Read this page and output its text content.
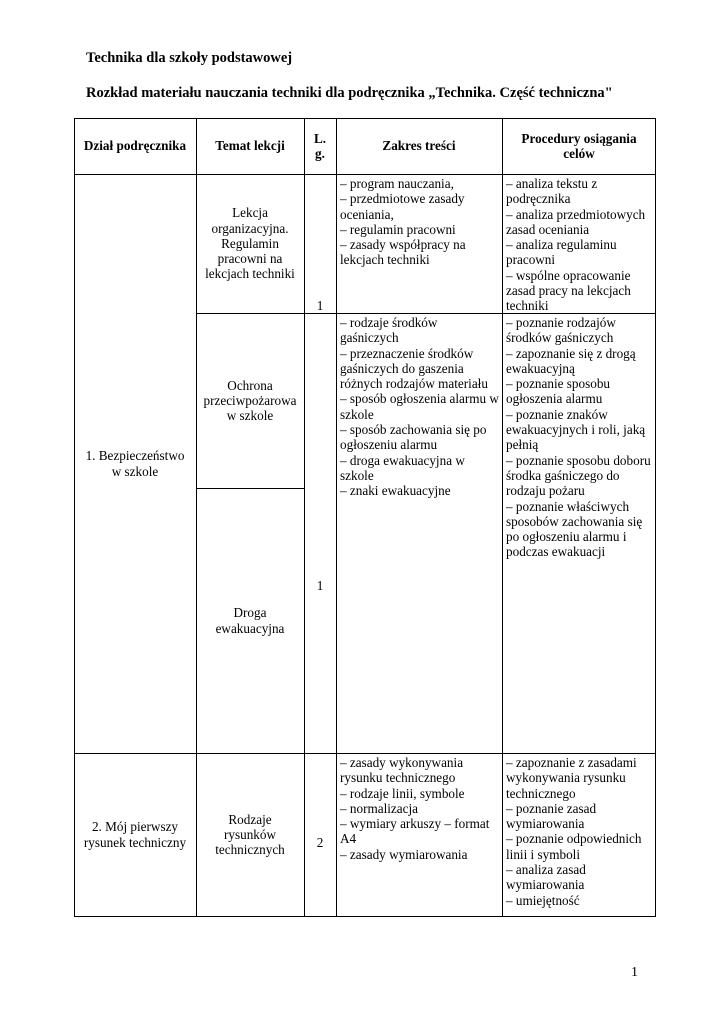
Technika dla szkoły podstawowej
Rozkład materiału nauczania techniki dla podręcznika „Technika. Część techniczna"
Dział podręcznika	Temat lekcji
L. g.
Zakres treści
Procedury osiągania celów
1. Bezpieczeństwo w szkole
Lekcja organizacyjna. Regulamin pracowni na lekcjach techniki
1
– program nauczania,
– przedmiotowe zasady oceniania,
– regulamin pracowni
– zasady współpracy na lekcjach techniki
– analiza tekstu z podręcznika
– analiza przedmiotowych zasad oceniania
– analiza regulaminu pracowni
– wspólne opracowanie zasad pracy na lekcjach techniki
Ochrona przeciwpożarowa w szkole
Droga ewakuacyjna
1
– rodzaje środków gaśniczych
– przeznaczenie środków gaśniczych do gaszenia różnych rodzajów materiału
– sposób ogłoszenia alarmu w szkole
– sposób zachowania się po ogłoszeniu alarmu
– droga ewakuacyjna w szkole
– znaki ewakuacyjne
– poznanie rodzajów środków gaśniczych
– zapoznanie się z drogą ewakuacyjną
– poznanie sposobu ogłoszenia alarmu
– poznanie znaków ewakuacyjnych i roli, jaką pełnią
– poznanie sposobu doboru środka gaśniczego do rodzaju pożaru
– poznanie właściwych sposobów zachowania się po ogłoszeniu alarmu i podczas ewakuacji
2. Mój pierwszy rysunek techniczny
Rodzaje rysunków technicznych	2
– zasady wykonywania rysunku technicznego
– rodzaje linii, symbole
– normalizacja
– wymiary arkuszy – format A4
– zasady wymiarowania
– zapoznanie z zasadami wykonywania rysunku technicznego
– poznanie zasad wymiarowania
– poznanie odpowiednich linii i symboli
– analiza zasad wymiarowania
– umiejętność
1
